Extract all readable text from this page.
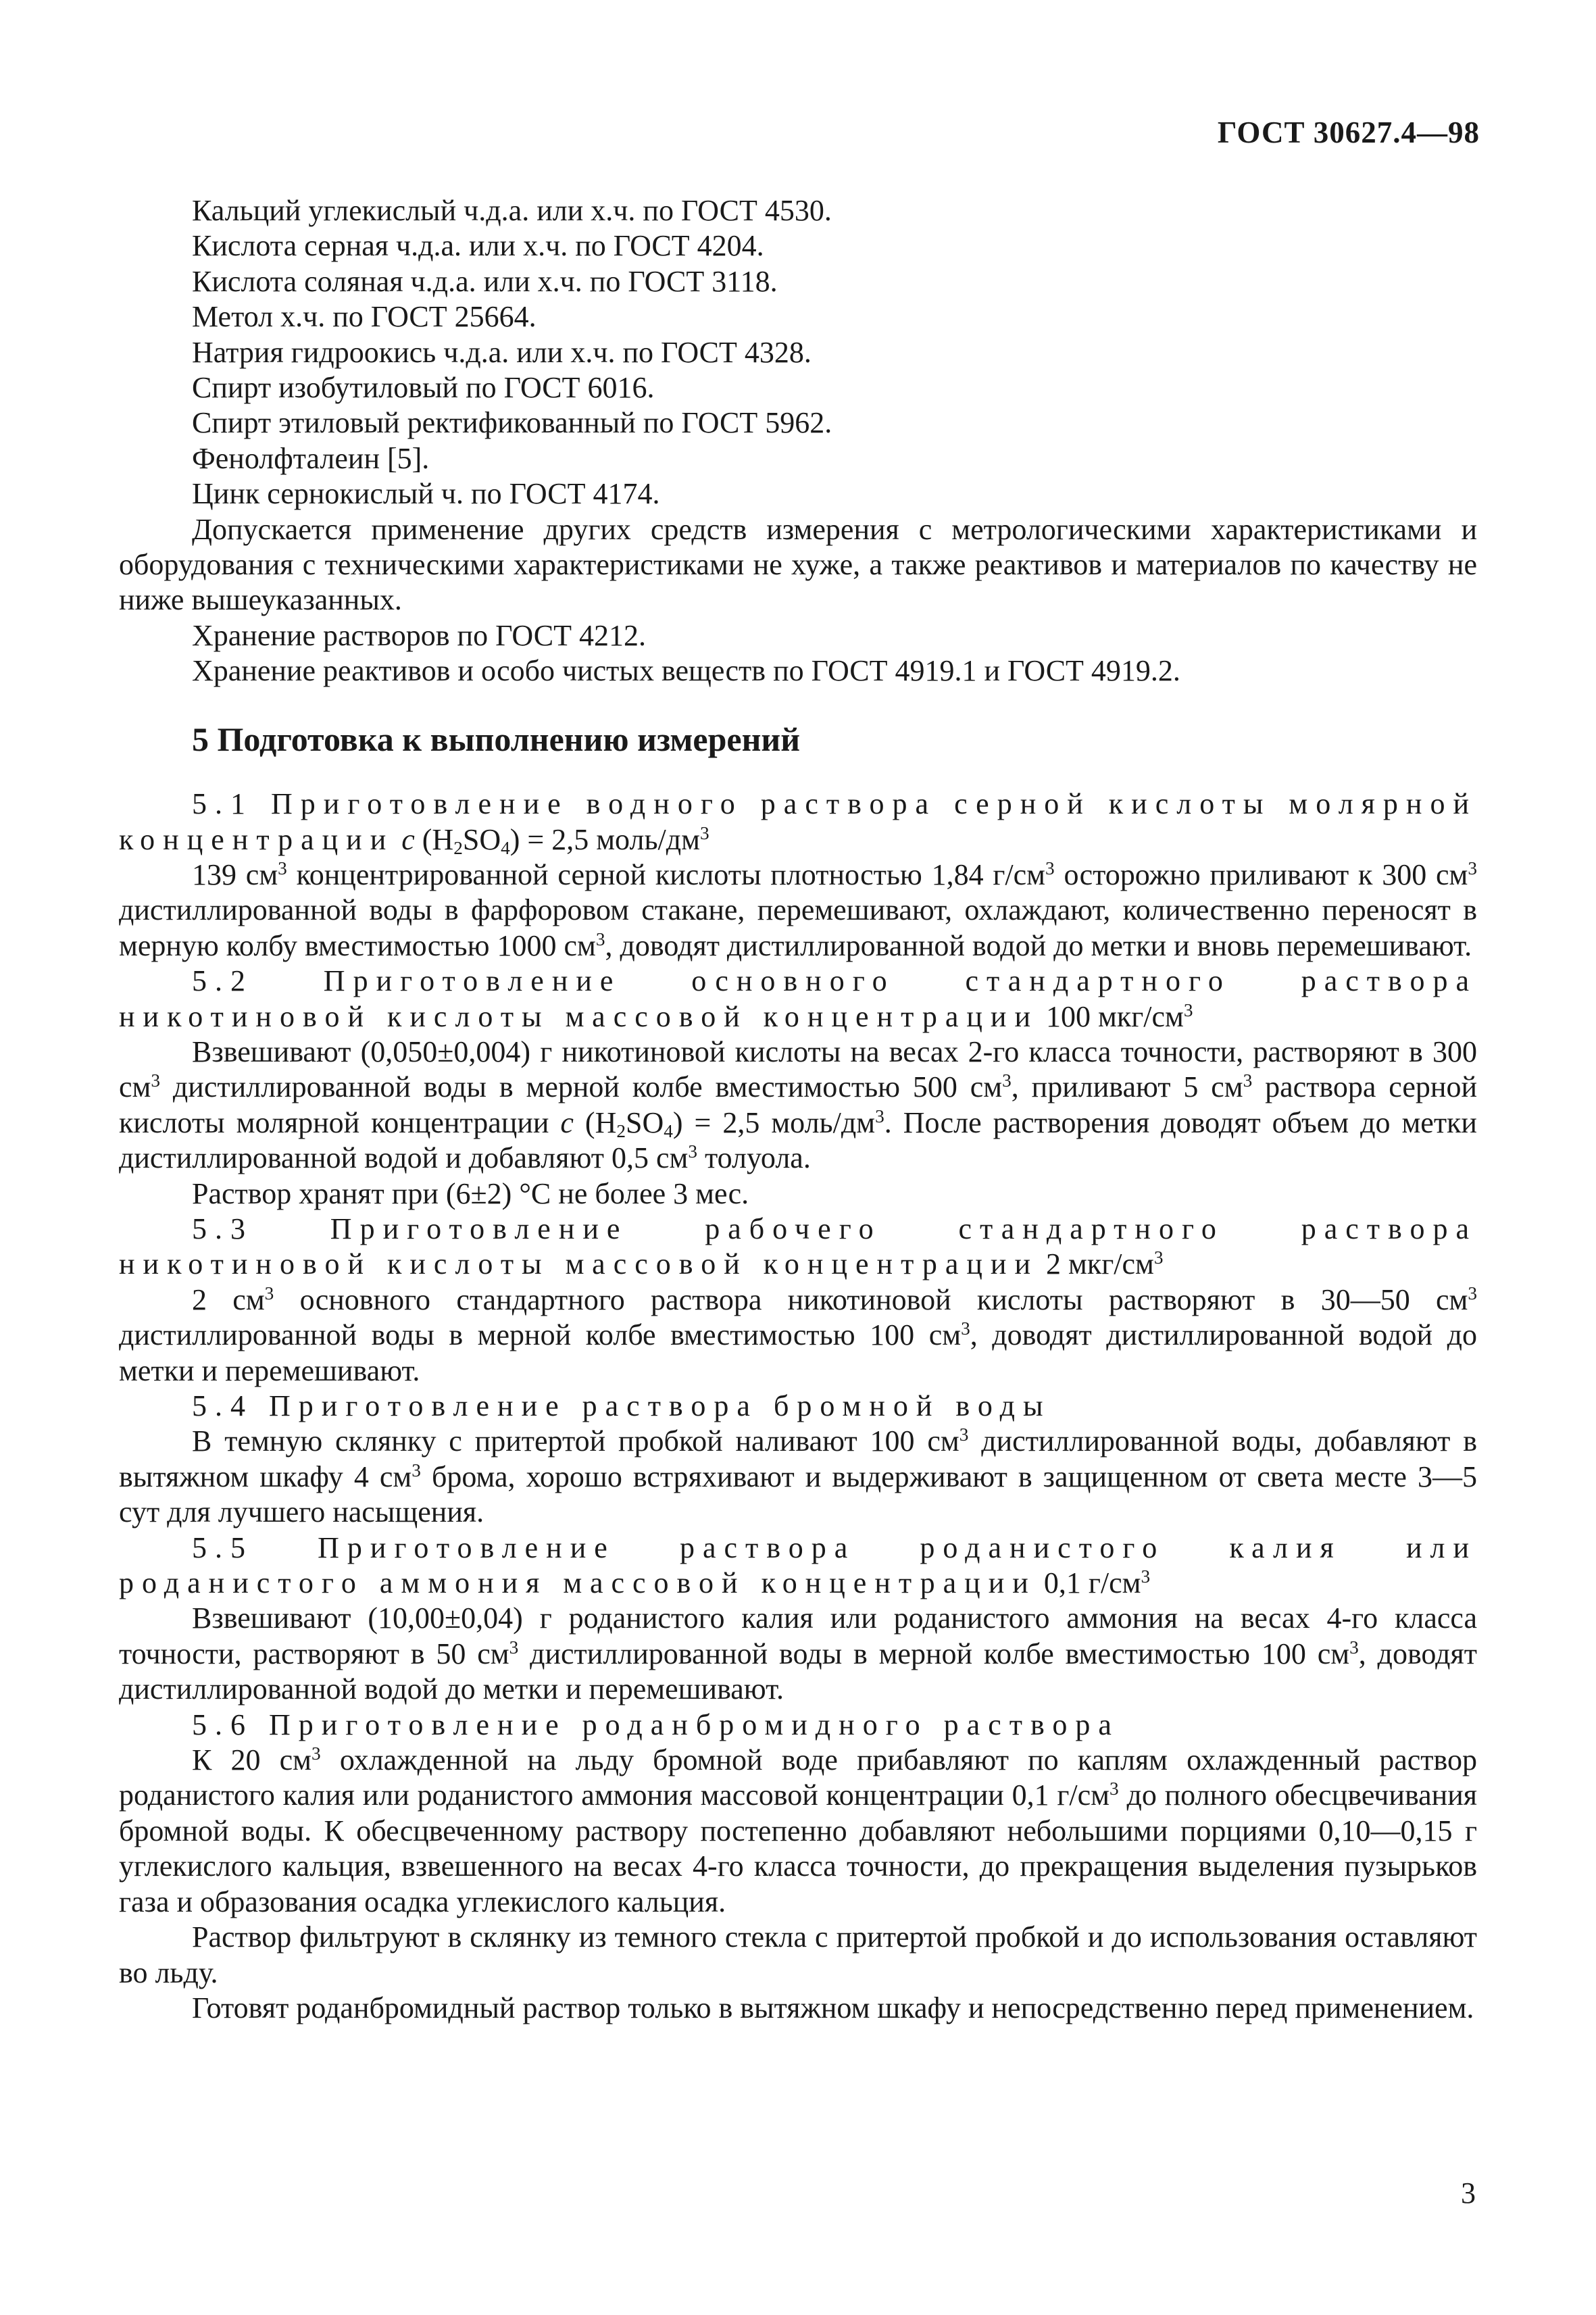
ГОСТ 30627.4—98

Кальций углекислый ч.д.а. или х.ч. по ГОСТ 4530.

Кислота серная ч.д.а. или х.ч. по ГОСТ 4204.

Кислота соляная ч.д.а. или х.ч. по ГОСТ 3118.

Метол х.ч. по ГОСТ 25664.

Натрия гидроокись ч.д.а. или х.ч. по ГОСТ 4328.

Спирт изобутиловый по ГОСТ 6016.

Спирт этиловый ректификованный по ГОСТ 5962.

Фенолфталеин [5].

Цинк сернокислый ч. по ГОСТ 4174.

Допускается применение других средств измерения с метрологическими характеристиками и оборудования с техническими характеристиками не хуже, а также реактивов и материалов по качеству не ниже вышеуказанных.

Хранение растворов по ГОСТ 4212.

Хранение реактивов и особо чистых веществ по ГОСТ 4919.1 и ГОСТ 4919.2.

5 Подготовка к выполнению измерений

5.1 Приготовление водного раствора серной кислоты молярной концентрации c $(H_2SO_4) = 2,5$ моль/$дм^3$

139 $см^3$ концентрированной серной кислоты плотностью 1,84 $г/см^3$ осторожно приливают к 300 $см^3$ дистиллированной воды в фарфоровом стакане, перемешивают, охлаждают, количественно переносят в мерную колбу вместимостью 1000 $см^3$, доводят дистиллированной водой до метки и вновь перемешивают.

5.2 Приготовление основного стандартного раствора никотиновой кислоты массовой концентрации 100 мкг/$см^3$

Взвешивают (0,050±0,004) г никотиновой кислоты на весах 2-го класса точности, растворяют в 300 $см^3$ дистиллированной воды в мерной колбе вместимостью 500 $см^3$, приливают 5 $см^3$ раствора серной кислоты молярной концентрации c $(H_2SO_4) = 2,5$ моль/$дм^3$. После растворения доводят объем до метки дистиллированной водой и добавляют 0,5 $см^3$ толуола.

Раствор хранят при (6±2) °С не более 3 мес.

5.3 Приготовление рабочего стандартного раствора никотиновой кислоты массовой концентрации 2 мкг/$см^3$

2 $см^3$ основного стандартного раствора никотиновой кислоты растворяют в 30—50 $см^3$ дистиллированной воды в мерной колбе вместимостью 100 $см^3$, доводят дистиллированной водой до метки и перемешивают.

5.4 Приготовление раствора бромной воды

В темную склянку с притертой пробкой наливают 100 $см^3$ дистиллированной воды, добавляют в вытяжном шкафу 4 $см^3$ брома, хорошо встряхивают и выдерживают в защищенном от света месте 3—5 сут для лучшего насыщения.

5.5 Приготовление раствора роданистого калия или роданистого аммония массовой концентрации 0,1 $г/см^3$

Взвешивают (10,00±0,04) г роданистого калия или роданистого аммония на весах 4-го класса точности, растворяют в 50 $см^3$ дистиллированной воды в мерной колбе вместимостью 100 $см^3$, доводят дистиллированной водой до метки и перемешивают.

5.6 Приготовление роданбромидного раствора

К 20 $см^3$ охлажденной на льду бромной воде прибавляют по каплям охлажденный раствор роданистого калия или роданистого аммония массовой концентрации 0,1 $г/см^3$ до полного обесцвечивания бромной воды. К обесцвеченному раствору постепенно добавляют небольшими порциями 0,10—0,15 г углекислого кальция, взвешенного на весах 4-го класса точности, до прекращения выделения пузырьков газа и образования осадка углекислого кальция.

Раствор фильтруют в склянку из темного стекла с притертой пробкой и до использования оставляют во льду.

Готовят роданбромидный раствор только в вытяжном шкафу и непосредственно перед применением.

3
